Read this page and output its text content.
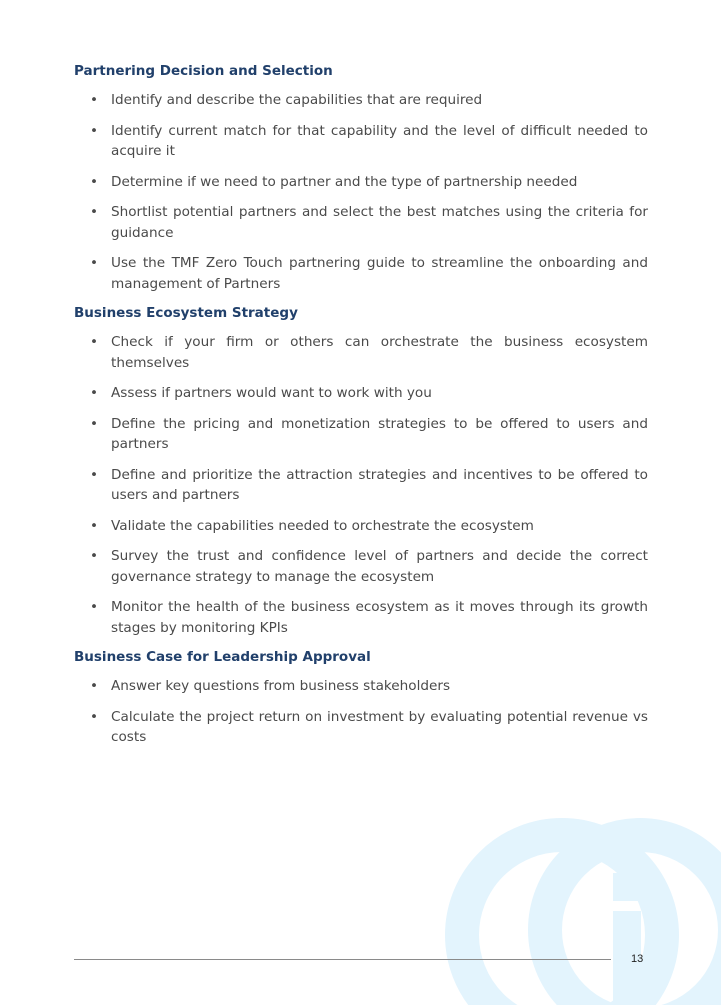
Partnering Decision and Selection
• Identify and describe the capabilities that are required
• Identify current match for that capability and the level of difficult needed to acquire it
• Determine if we need to partner and the type of partnership needed
• Shortlist potential partners and select the best matches using the criteria for guidance
• Use the TMF Zero Touch partnering guide to streamline the onboarding and management of Partners
Business Ecosystem Strategy
• Check if your firm or others can orchestrate the business ecosystem themselves
• Assess if partners would want to work with you
• Define the pricing and monetization strategies to be offered to users and partners
• Define and prioritize the attraction strategies and incentives to be offered to users and partners
• Validate the capabilities needed to orchestrate the ecosystem
• Survey the trust and confidence level of partners and decide the correct governance strategy to manage the ecosystem
• Monitor the health of the business ecosystem as it moves through its growth stages by monitoring KPIs
Business Case for Leadership Approval
• Answer key questions from business stakeholders
• Calculate the project return on investment by evaluating potential revenue vs costs
13
